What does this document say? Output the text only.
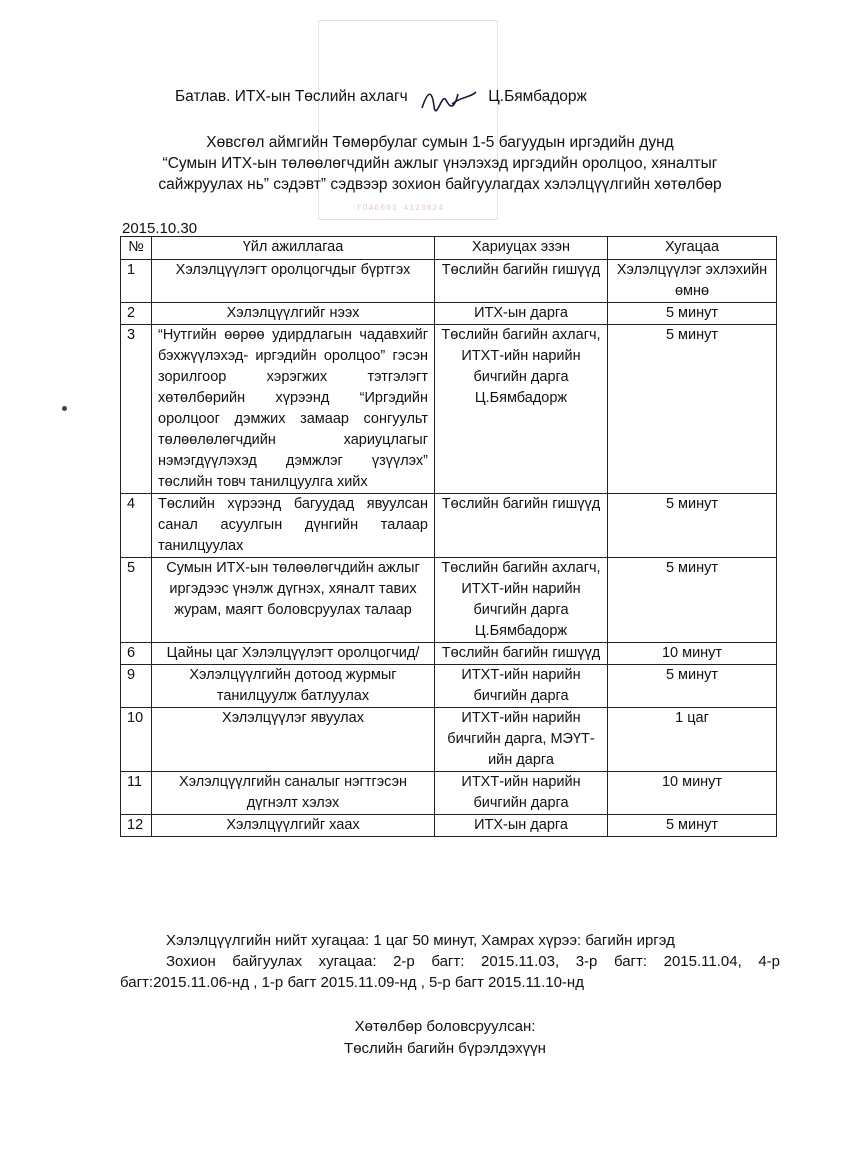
ГПА6003 4123824
Батлав. ИТХ-ын Төслийн ахлагч	Ц.Бямбадорж
Хөвсгөл аймгийн Төмөрбулаг сумын 1-5 багуудын иргэдийн дунд
“Сумын ИТХ-ын төлөөлөгчдийн ажлыг үнэлэхэд иргэдийн оролцоо, хяналтыг
сайжруулах нь” сэдэвт” сэдвээр зохион байгуулагдах хэлэлцүүлгийн хөтөлбөр
2015.10.30
№	Үйл ажиллагаа	Хариуцах эзэн	Хугацаа
1	Хэлэлцүүлэгт оролцогчдыг бүртгэх	Төслийн багийн гишүүд	Хэлэлцүүлэг эхлэхийн өмнө
2	Хэлэлцүүлгийг нээх	ИТХ-ын дарга	5 минут
3	“Нутгийн өөрөө удирдлагын чадавхийг бэхжүүлэхэд- иргэдийн оролцоо” гэсэн зорилгоор хэрэгжих тэтгэлэгт хөтөлбөрийн хүрээнд “Иргэдийн оролцоог дэмжих замаар сонгуульт төлөөлөлөгчдийн хариуцлагыг нэмэгдүүлэхэд дэмжлэг үзүүлэх” төслийн товч танилцуулга хийх	Төслийн багийн ахлагч, ИТХТ-ийн нарийн бичгийн дарга Ц.Бямбадорж	5 минут
4	Төслийн хүрээнд багуудад явуулсан санал асуулгын дүнгийн талаар танилцуулах	Төслийн багийн гишүүд	5 минут
5	Сумын ИТХ-ын төлөөлөгчдийн ажлыг иргэдээс үнэлж дүгнэх, хяналт тавих журам, маягт боловсруулах талаар	Төслийн багийн ахлагч, ИТХТ-ийн нарийн бичгийн дарга Ц.Бямбадорж	5 минут
6	Цайны цаг Хэлэлцүүлэгт оролцогчид/	Төслийн багийн гишүүд	10 минут
9	Хэлэлцүүлгийн дотоод журмыг танилцуулж батлуулах	ИТХТ-ийн нарийн бичгийн дарга	5 минут
10	Хэлэлцүүлэг явуулах	ИТХТ-ийн нарийн бичгийн дарга, МЭҮТ-ийн дарга	1 цаг
11	Хэлэлцүүлгийн саналыг нэгтгэсэн дүгнэлт хэлэх	ИТХТ-ийн нарийн бичгийн дарга	10 минут
12	Хэлэлцүүлгийг хаах	ИТХ-ын дарга	5 минут

Хэлэлцүүлгийн нийт хугацаа: 1 цаг 50 минут, Хамрах хүрээ: багийн иргэд

Зохион байгуулах хугацаа: 2-р багт: 2015.11.03, 3-р багт: 2015.11.04, 4-р багт:2015.11.06-нд , 1-р багт 2015.11.09-нд , 5-р багт 2015.11.10-нд

Хөтөлбөр боловсруулсан:
Төслийн багийн бүрэлдэхүүн
